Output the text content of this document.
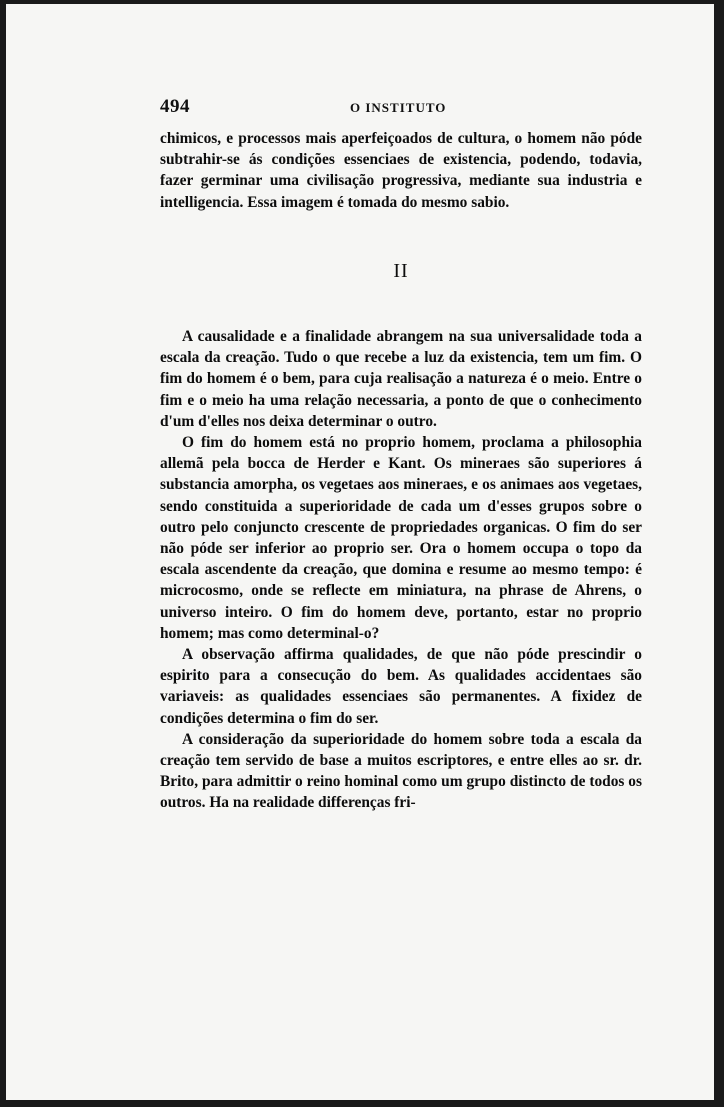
494	O INSTITUTO

chimicos, e processos mais aperfeiçoados de cultura, o homem não póde subtrahir-se ás condições essenciaes de existencia, podendo, todavia, fazer germinar uma civilisação progressiva, mediante sua industria e intelligencia. Essa imagem é tomada do mesmo sabio.

II

A causalidade e a finalidade abrangem na sua universalidade toda a escala da creação. Tudo o que recebe a luz da existencia, tem um fim. O fim do homem é o bem, para cuja realisação a natureza é o meio. Entre o fim e o meio ha uma relação necessaria, a ponto de que o conhecimento d'um d'elles nos deixa determinar o outro.

O fim do homem está no proprio homem, proclama a philosophia allemã pela bocca de Herder e Kant. Os mineraes são superiores á substancia amorpha, os vegetaes aos mineraes, e os animaes aos vegetaes, sendo constituida a superioridade de cada um d'esses grupos sobre o outro pelo conjuncto crescente de propriedades organicas. O fim do ser não póde ser inferior ao proprio ser. Ora o homem occupa o topo da escala ascendente da creação, que domina e resume ao mesmo tempo: é microcosmo, onde se reflecte em miniatura, na phrase de Ahrens, o universo inteiro. O fim do homem deve, portanto, estar no proprio homem; mas como determinal-o?

A observação affirma qualidades, de que não póde prescindir o espirito para a consecução do bem. As qualidades accidentaes são variaveis: as qualidades essenciaes são permanentes. A fixidez de condições determina o fim do ser.

A consideração da superioridade do homem sobre toda a escala da creação tem servido de base a muitos escriptores, e entre elles ao sr. dr. Brito, para admittir o reino hominal como um grupo distincto de todos os outros. Ha na realidade differenças fri-
